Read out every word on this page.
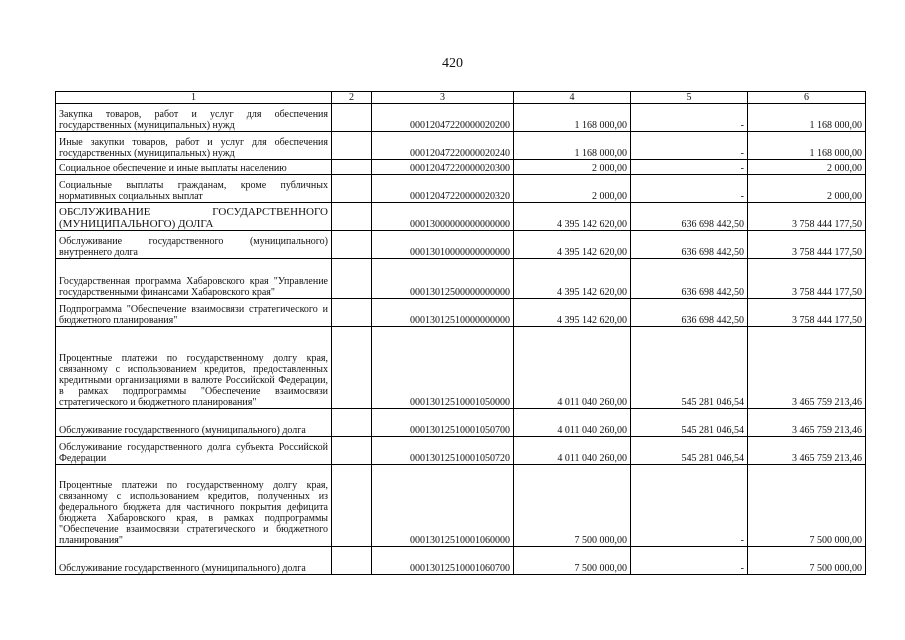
420
1	2	3	4	5	6
Закупка товаров, работ и услуг для обеспечения государственных (муниципальных) нужд		00012047220000020200	1 168 000,00	-	1 168 000,00
Иные закупки товаров, работ и услуг для обеспечения государственных (муниципальных) нужд		00012047220000020240	1 168 000,00	-	1 168 000,00
Социальное обеспечение и иные выплаты населению		00012047220000020300	2 000,00	-	2 000,00
Социальные выплаты гражданам, кроме публичных нормативных социальных выплат		00012047220000020320	2 000,00	-	2 000,00
ОБСЛУЖИВАНИЕ ГОСУДАРСТВЕННОГО (МУНИЦИПАЛЬНОГО) ДОЛГА		00013000000000000000	4 395 142 620,00	636 698 442,50	3 758 444 177,50
Обслуживание государственного (муниципального) внутреннего долга		00013010000000000000	4 395 142 620,00	636 698 442,50	3 758 444 177,50
Государственная программа Хабаровского края "Управление государственными финансами Хабаровского края"		00013012500000000000	4 395 142 620,00	636 698 442,50	3 758 444 177,50
Подпрограмма "Обеспечение взаимосвязи стратегического и бюджетного планирования"		00013012510000000000	4 395 142 620,00	636 698 442,50	3 758 444 177,50
Процентные платежи по государственному долгу края, связанному с использованием кредитов, предоставленных кредитными организациями в валюте Российской Федерации, в рамках подпрограммы "Обеспечение взаимосвязи стратегического и бюджетного планирования"		00013012510001050000	4 011 040 260,00	545 281 046,54	3 465 759 213,46
Обслуживание государственного (муниципального) долга		00013012510001050700	4 011 040 260,00	545 281 046,54	3 465 759 213,46
Обслуживание государственного долга субъекта Российской Федерации		00013012510001050720	4 011 040 260,00	545 281 046,54	3 465 759 213,46
Процентные платежи по государственному долгу края, связанному с использованием кредитов, полученных из федерального бюджета для частичного покрытия дефицита бюджета Хабаровского края, в рамках подпрограммы "Обеспечение взаимосвязи стратегического и бюджетного планирования"		00013012510001060000	7 500 000,00	-	7 500 000,00
Обслуживание государственного (муниципального) долга		00013012510001060700	7 500 000,00	-	7 500 000,00
